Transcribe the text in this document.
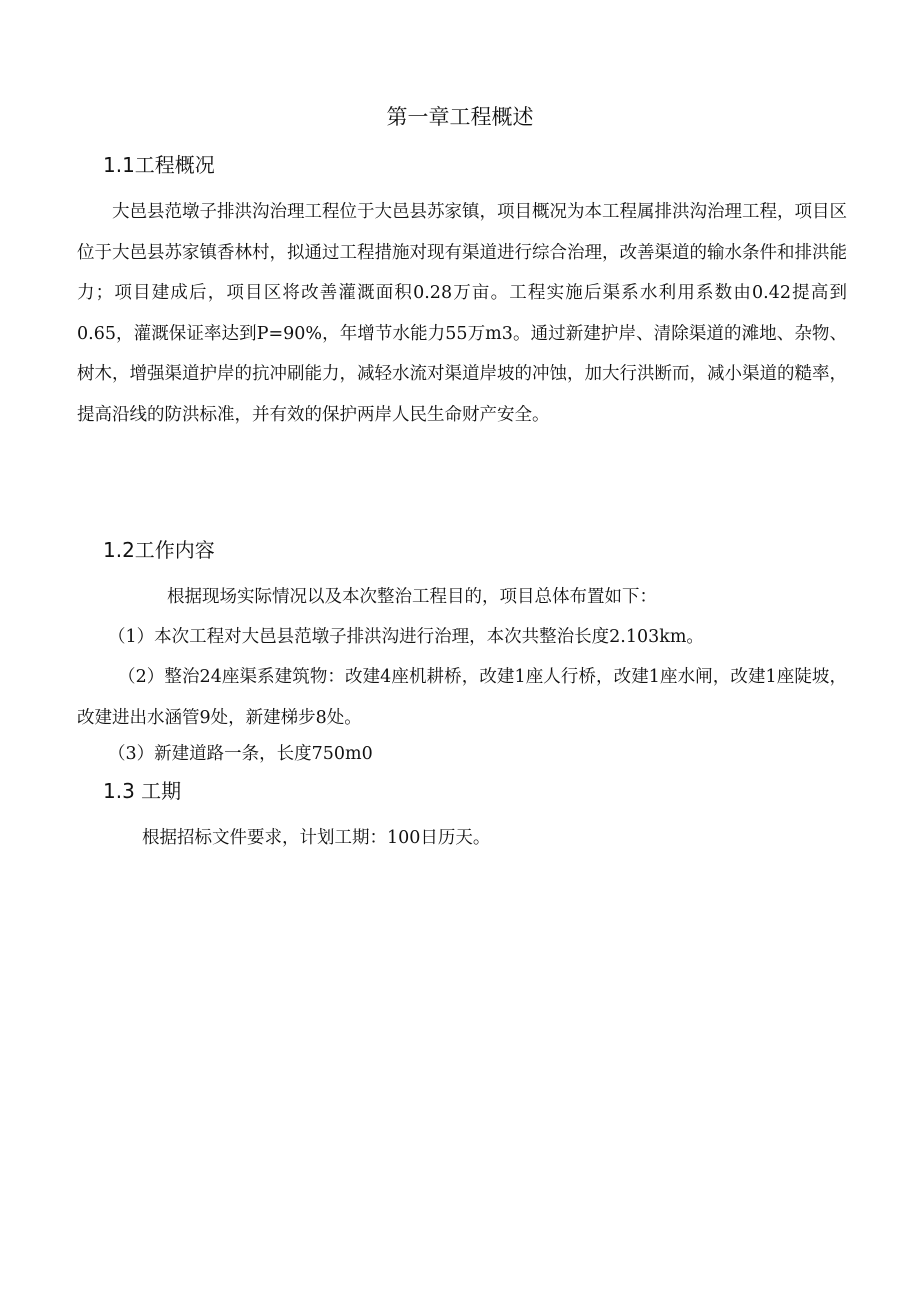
第一章工程概述
1.1工程概况

大邑县范墩子排洪沟治理工程位于大邑县苏家镇，项目概况为本工程属排洪沟治理工程，项目区位于大邑县苏家镇香林村，拟通过工程措施对现有渠道进行综合治理，改善渠道的输水条件和排洪能力；项目建成后，项目区将改善灌溉面积0.28万亩。工程实施后渠系水利用系数由0.42提高到0.65，灌溉保证率达到P=90%，年增节水能力55万m3。通过新建护岸、清除渠道的滩地、杂物、树木，增强渠道护岸的抗冲刷能力，减轻水流对渠道岸坡的冲蚀，加大行洪断而，减小渠道的糙率，提高沿线的防洪标准，并有效的保护两岸人民生命财产安全。

1.2工作内容
根据现场实际情况以及本次整治工程目的，项目总体布置如下：
（1）本次工程对大邑县范墩子排洪沟进行治理，本次共整治长度2.103km。

（2）整治24座渠系建筑物：改建4座机耕桥，改建1座人行桥，改建1座水闸，改建1座陡坡，改建进出水涵管9处，新建梯步8处。

（3）新建道路一条，长度750m0
1.3 工期
根据招标文件要求，计划工期：100日历天。
